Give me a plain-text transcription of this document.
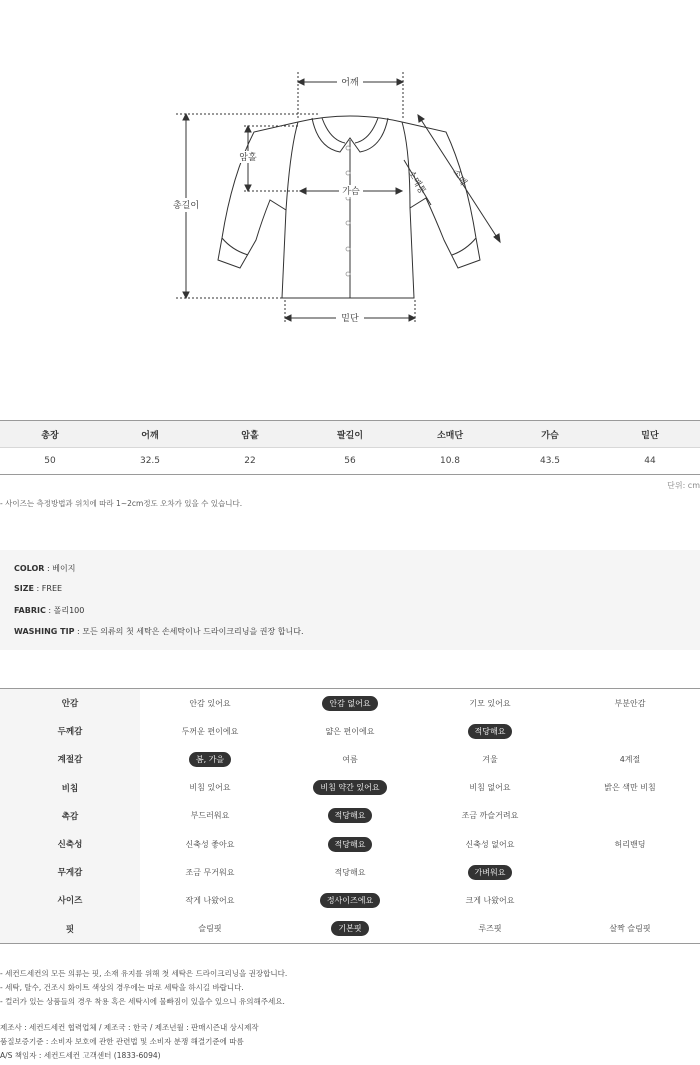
어깨
암홀
총길이
가슴	소매통	소매
밑단
총장	어깨	암홀	팔길이	소매단	가슴	밑단
50	32.5	22	56	10.8	43.5	44
단위: cm
- 사이즈는 측정방법과 위치에 따라 1~2cm정도 오차가 있을 수 있습니다.
COLOR : 베이지
SIZE : FREE
FABRIC : 폴리100
WASHING TIP : 모든 의류의 첫 세탁은 손세탁이나 드라이크리닝을 권장 합니다.
안감	안감 있어요	안감 없어요	기모 있어요	부분안감
두께감	두꺼운 편이에요	얇은 편이에요	적당해요
계절감	봄, 가을	여름	겨울	4계절
비침	비침 있어요	비침 약간 있어요	비침 없어요	밝은 색만 비침
촉감	부드러워요	적당해요	조금 까슬거려요
신축성	신축성 좋아요	적당해요	신축성 없어요	허리밴딩
무게감	조금 무거워요	적당해요	가벼워요
사이즈	작게 나왔어요	정사이즈에요	크게 나왔어요
핏	슬림핏	기본핏	루즈핏	살짝 슬림핏
- 세컨드세컨의 모든 의류는 핏, 소재 유지를 위해 첫 세탁은 드라이크리닝을 권장합니다.
- 세탁, 탈수, 건조시 화이트 색상의 경우에는 따로 세탁을 하시길 바랍니다.
- 컬러가 있는 상품들의 경우 착용 혹은 세탁시에 물빠짐이 있을수 있으니 유의해주세요.
제조사 : 세컨드세컨 협력업체 / 제조국 : 한국 / 제조년월 : 판매시즌내 상시제작
품질보증기준 : 소비자 보호에 관한 관련법 및 소비자 분쟁 해결기준에 따름
A/S 책임자 : 세컨드세컨 고객센터 (1833-6094)
